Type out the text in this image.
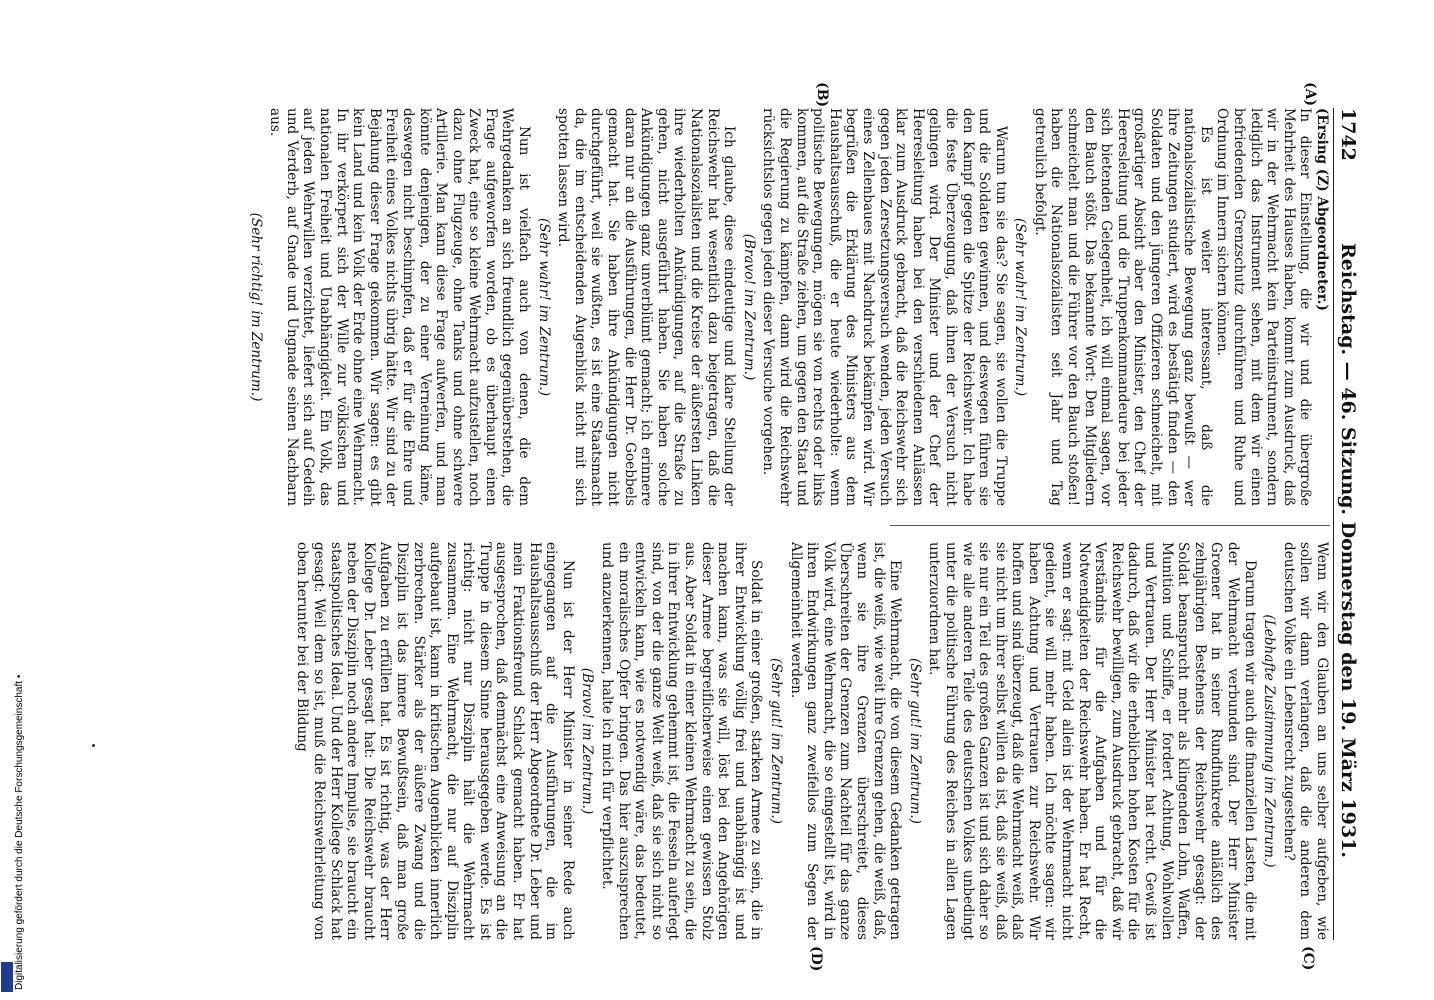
Digitalisierung gefördert durch die Deutsche Forschungsgemeinschaft •
1742
Reichstag. — 46. Sitzung. Donnerstag den 19. März 1931.
(A)
(B)
(C)
(D)

(Ersing (Z) Abgeordneter.)
In dieser Einstellung, die wir und die übergroße Mehrheit des Hauses haben, kommt zum Ausdruck, daß wir in der Wehrmacht kein Parteiinstrument, sondern lediglich das Instrument sehen, mit dem wir einen befriedenden Grenzschutz durchführen und Ruhe und Ordnung im Innern sichern können.

Es ist weiter interessant, daß die nationalsozialistische Bewegung ganz bewußt — wer ihre Zeitungen studiert, wird es bestätigt finden — den Soldaten und den jüngeren Offizieren schmeichelt, mit großartiger Absicht aber den Minister, den Chef der Heeresleitung und die Truppenkommandeure bei jeder sich bietenden Gelegenheit, ich will einmal sagen, vor den Bauch stößt. Das bekannte Wort: Den Mitgliedern schmeichelt man und die Führer vor den Bauch stoßen! haben die Nationalsozialisten seit Jahr und Tag getreulich befolgt.

(Sehr wahr! im Zentrum.)

Warum tun sie das? Sie sagen, sie wollen die Truppe und die Soldaten gewinnen, und deswegen führen sie den Kampf gegen die Spitze der Reichswehr. Ich habe die feste Überzeugung, daß ihnen der Versuch nicht gelingen wird. Der Minister und der Chef der Heeresleitung haben bei den verschiedenen Anlässen klar zum Ausdruck gebracht, daß die Reichswehr sich gegen jeden Zersetzungsversuch wenden, jeden Versuch eines Zellenbaues mit Nachdruck bekämpfen wird. Wir begrüßen die Erklärung des Ministers aus dem Haushaltsausschuß, die er heute wiederholte: wenn politische Bewegungen, mögen sie von rechts oder links kommen, auf die Straße ziehen, um gegen den Staat und die Regierung zu kämpfen, dann wird die Reichswehr rücksichtslos gegen jeden dieser Versuche vorgehen.

(Bravo! im Zentrum.)

Ich glaube, diese eindeutige und klare Stellung der Reichswehr hat wesentlich dazu beigetragen, daß die Nationalsozialisten und die Kreise der äußersten Linken ihre wiederholten Ankündigungen, auf die Straße zu gehen, nicht ausgeführt haben. Sie haben solche Ankündigungen ganz unverblümt gemacht; ich erinnere daran nur an die Ausführungen, die Herr Dr. Goebbels gemacht hat. Sie haben ihre Ankündigungen nicht durchgeführt, weil sie wußten, es ist eine Staatsmacht da, die im entscheidenden Augenblick nicht mit sich spotten lassen wird.

(Sehr wahr! im Zentrum.)

Nun ist vielfach auch von denen, die dem Wehrgedanken an sich freundlich gegenüberstehen, die Frage aufgeworfen worden, ob es überhaupt einen Zweck hat, eine so kleine Wehrmacht aufzustellen, noch dazu ohne Flugzeuge, ohne Tanks und ohne schwere Artillerie. Man kann diese Frage aufwerfen, und man könnte denjenigen, der zu einer Verneinung käme, deswegen nicht beschimpfen, daß er für die Ehre und Freiheit eines Volkes nichts übrig hätte. Wir sind zu der Bejahung dieser Frage gekommen. Wir sagen: es gibt kein Land und kein Volk der Erde ohne eine Wehrmacht. In ihr verkörpert sich der Wille zur völkischen und nationalen Freiheit und Unabhängigkeit. Ein Volk, das auf jeden Wehrwillen verzichtet, liefert sich auf Gedeih und Verderb, auf Gnade und Ungnade seinen Nachbarn aus.

(Sehr richtig! im Zentrum.)

Wenn wir den Glauben an uns selber aufgeben, wie sollen wir dann verlangen, daß die anderen dem deutschen Volke ein Lebensrecht zugestehen?

(Lebhafte Zustimmung im Zentrum.)

Darum tragen wir auch die finanziellen Lasten, die mit der Wehrmacht verbunden sind. Der Herr Minister Groener hat in seiner Rundfunkrede anläßlich des zehnjährigen Bestehens der Reichswehr gesagt: der Soldat beansprucht mehr als klingenden Lohn, Waffen, Munition und Schiffe, er fordert Achtung, Wohlwollen und Vertrauen. Der Herr Minister hat recht. Gewiß ist dadurch, daß wir die erheblichen hohen Kosten für die Reichswehr bewilligen, zum Ausdruck gebracht, daß wir Verständnis für die Aufgaben und für die Notwendigkeiten der Reichswehr haben. Er hat Recht, wenn er sagt: mit Geld allein ist der Wehrmacht nicht gedient, sie will mehr haben. Ich möchte sagen: wir haben Achtung und Vertrauen zur Reichswehr. Wir hoffen und sind überzeugt, daß die Wehrmacht weiß, daß sie nicht um ihrer selbst willen da ist, daß sie weiß, daß sie nur ein Teil des großen Ganzen ist und sich daher so wie alle anderen Teile des deutschen Volkes unbedingt unter die politische Führung des Reiches in allen Lagen unterzuordnen hat.

(Sehr gut! im Zentrum.)

Eine Wehrmacht, die von diesem Gedanken getragen ist, die weiß, wie weit ihre Grenzen gehen, die weiß, daß, wenn sie ihre Grenzen überschreitet, dieses Überschreiten der Grenzen zum Nachteil für das ganze Volk wird, eine Wehrmacht, die so eingestellt ist, wird in ihren Endwirkungen ganz zweifellos zum Segen der Allgemeinheit werden.

(Sehr gut! im Zentrum.)

Soldat in einer großen, starken Armee zu sein, die in ihrer Entwicklung völlig frei und unabhängig ist und machen kann, was sie will, löst bei den Angehörigen dieser Armee begreiflicherweise einen gewissen Stolz aus. Aber Soldat in einer kleinen Wehrmacht zu sein, die in ihrer Entwicklung gehemmt ist, die Fesseln auferlegt sind, von der die ganze Welt weiß, daß sie sich nicht so entwickeln kann, wie es notwendig wäre, das bedeutet, ein moralisches Opfer bringen. Das hier auszusprechen und anzuerkennen, halte ich mich für verpflichtet.

(Bravo! im Zentrum.)

Nun ist der Herr Minister in seiner Rede auch eingegangen auf die Ausführungen, die im Haushaltsausschuß der Herr Abgeordnete Dr. Leber und mein Fraktionsfreund Schlack gemacht haben. Er hat ausgesprochen, daß demnächst eine Anweisung an die Truppe in diesem Sinne herausgegeben werde. Es ist richtig: nicht nur Disziplin hält die Wehrmacht zusammen. Eine Wehrmacht, die nur auf Disziplin aufgebaut ist, kann in kritischen Augenblicken innerlich zerbrechen. Stärker als der äußere Zwang und die Disziplin ist das innere Bewußtsein, daß man große Aufgaben zu erfüllen hat. Es ist richtig, was der Herr Kollege Dr. Leber gesagt hat: Die Reichswehr braucht neben der Disziplin noch andere Impulse, sie braucht ein staatspolitisches Ideal. Und der Herr Kollege Schlack hat gesagt: Weil dem so ist, muß die Reichswehrleitung von oben herunter bei der Bildung
